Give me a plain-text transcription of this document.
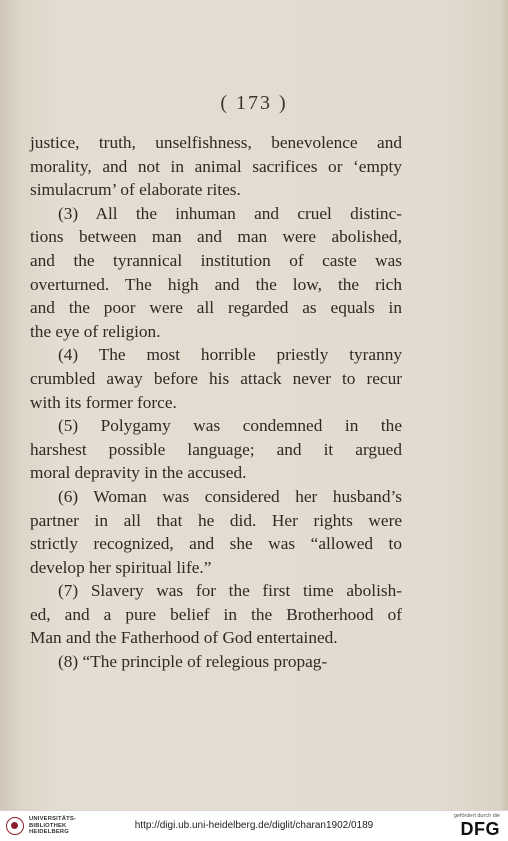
( 173 )
justice, truth, unselfishness, benevolence and
morality, and not in animal sacrifices or ‘empty
simulacrum’ of elaborate rites.
(3) All the inhuman and cruel distinc-
tions between man and man were abolished,
and the tyrannical institution of caste was
overturned. The high and the low, the rich
and the poor were all regarded as equals in
the eye of religion.
(4) The most horrible priestly tyranny
crumbled away before his attack never to recur
with its former force.
(5) Polygamy was condemned in the
harshest possible language; and it argued
moral depravity in the accused.
(6) Woman was considered her husband’s
partner in all that he did. Her rights were
strictly recognized, and she was “allowed to
develop her spiritual life.”
(7) Slavery was for the first time abolish-
ed, and a pure belief in the Brotherhood of
Man and the Fatherhood of God entertained.
(8) “The principle of relegious propag-
UNIVERSITÄTS-
BIBLIOTHEK
HEIDELBERG
http://digi.ub.uni-heidelberg.de/diglit/charan1902/0189
gefördert durch die
DFG
